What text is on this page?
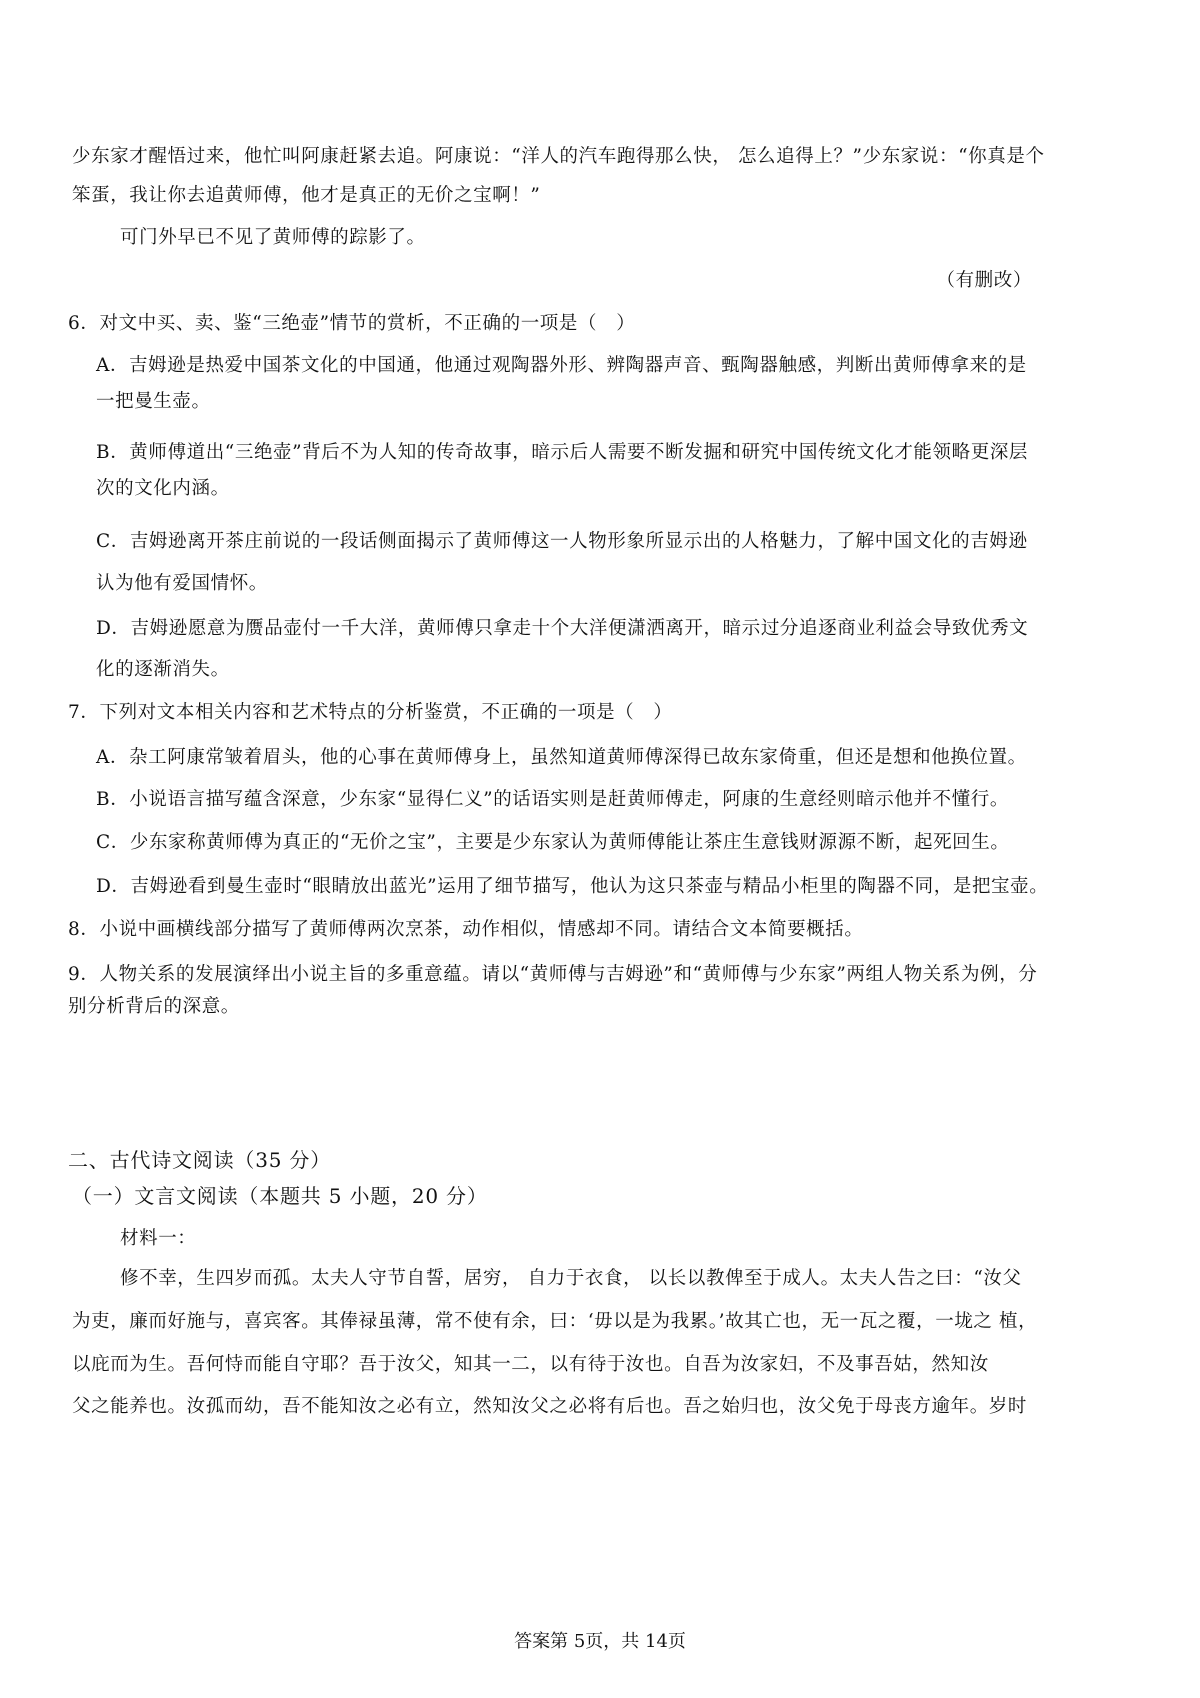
少东家才醒悟过来，他忙叫阿康赶紧去追。阿康说：“洋人的汽车跑得那么快， 怎么追得上？”少东家说：“你真是个
笨蛋，我让你去追黄师傅，他才是真正的无价之宝啊！”
可门外早已不见了黄师傅的踪影了。
（有删改）
6．对文中买、卖、鉴“三绝壶”情节的赏析，不正确的一项是（　）
A．吉姆逊是热爱中国茶文化的中国通，他通过观陶器外形、辨陶器声音、甄陶器触感，判断出黄师傅拿来的是
一把曼生壶。
B．黄师傅道出“三绝壶”背后不为人知的传奇故事，暗示后人需要不断发掘和研究中国传统文化才能领略更深层
次的文化内涵。
C．吉姆逊离开茶庄前说的一段话侧面揭示了黄师傅这一人物形象所显示出的人格魅力，了解中国文化的吉姆逊
认为他有爱国情怀。
D．吉姆逊愿意为赝品壶付一千大洋，黄师傅只拿走十个大洋便潇洒离开，暗示过分追逐商业利益会导致优秀文
化的逐渐消失。
7．下列对文本相关内容和艺术特点的分析鉴赏，不正确的一项是（　）
A．杂工阿康常皱着眉头，他的心事在黄师傅身上，虽然知道黄师傅深得已故东家倚重，但还是想和他换位置。
B．小说语言描写蕴含深意，少东家“显得仁义”的话语实则是赶黄师傅走，阿康的生意经则暗示他并不懂行。
C．少东家称黄师傅为真正的“无价之宝”，主要是少东家认为黄师傅能让茶庄生意钱财源源不断，起死回生。
D．吉姆逊看到曼生壶时“眼睛放出蓝光”运用了细节描写，他认为这只茶壶与精品小柜里的陶器不同，是把宝壶。
8．小说中画横线部分描写了黄师傅两次烹茶，动作相似，情感却不同。请结合文本简要概括。
9．人物关系的发展演绎出小说主旨的多重意蕴。请以“黄师傅与吉姆逊”和“黄师傅与少东家”两组人物关系为例，分
别分析背后的深意。
二、古代诗文阅读（35 分）
（一）文言文阅读（本题共 5 小题，20 分）
材料一：
修不幸，生四岁而孤。太夫人守节自誓，居穷， 自力于衣食， 以长以教俾至于成人。太夫人告之曰：“汝父
为吏，廉而好施与，喜宾客。其俸禄虽薄，常不使有余，曰：‘毋以是为我累。’故其亡也，无一瓦之覆，一垅之 植，
以庇而为生。吾何恃而能自守耶？吾于汝父，知其一二，以有待于汝也。自吾为汝家妇，不及事吾姑，然知汝
父之能养也。汝孤而幼，吾不能知汝之必有立，然知汝父之必将有后也。吾之始归也，汝父免于母丧方逾年。岁时
答案第 5页，共 14页
